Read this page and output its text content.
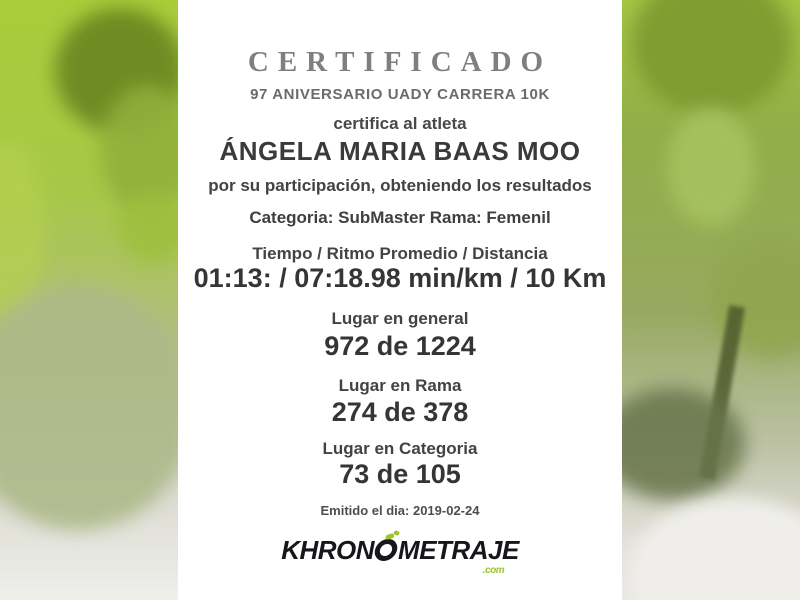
CERTIFICADO
97 ANIVERSARIO UADY CARRERA 10K
certifica al atleta
ÁNGELA MARIA BAAS MOO
por su participación, obteniendo los resultados
Categoria: SubMaster Rama: Femenil
Tiempo / Ritmo Promedio / Distancia
01:13: / 07:18.98 min/km / 10 Km
Lugar en general
972 de 1224
Lugar en Rama
274 de 378
Lugar en Categoria
73 de 105
Emitido el dia: 2019-02-24
KHRON METRAJE.com
